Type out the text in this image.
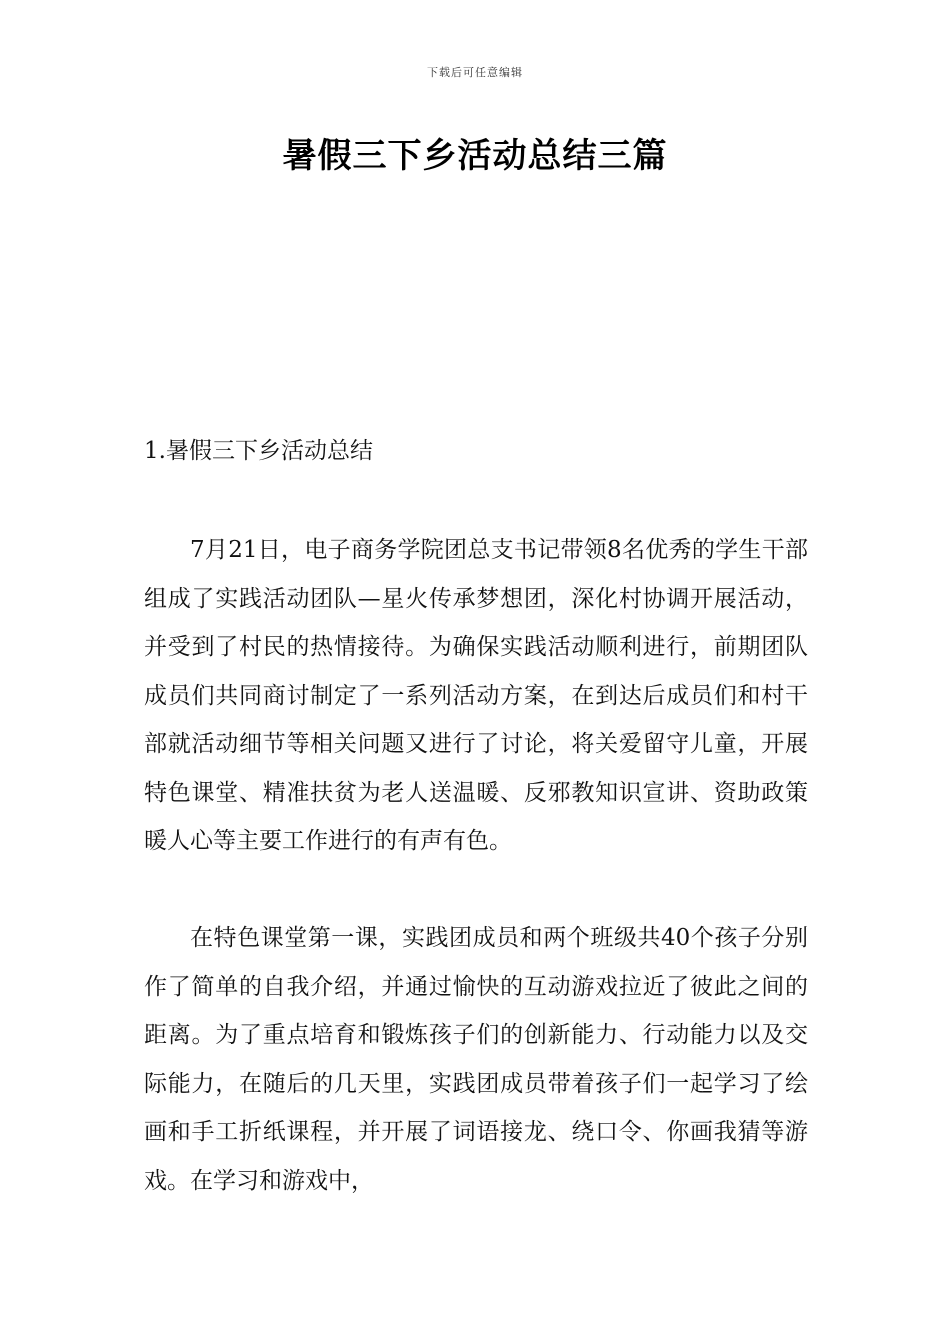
下载后可任意编辑
暑假三下乡活动总结三篇
1.暑假三下乡活动总结

7月21日，电子商务学院团总支书记带领8名优秀的学生干部组成了实践活动团队—星火传承梦想团，深化村协调开展活动，并受到了村民的热情接待。为确保实践活动顺利进行，前期团队成员们共同商讨制定了一系列活动方案，在到达后成员们和村干部就活动细节等相关问题又进行了讨论，将关爱留守儿童，开展特色课堂、精准扶贫为老人送温暖、反邪教知识宣讲、资助政策暖人心等主要工作进行的有声有色。

在特色课堂第一课，实践团成员和两个班级共40个孩子分别作了简单的自我介绍，并通过愉快的互动游戏拉近了彼此之间的距离。为了重点培育和锻炼孩子们的创新能力、行动能力以及交际能力，在随后的几天里，实践团成员带着孩子们一起学习了绘画和手工折纸课程，并开展了词语接龙、绕口令、你画我猜等游戏。在学习和游戏中，
